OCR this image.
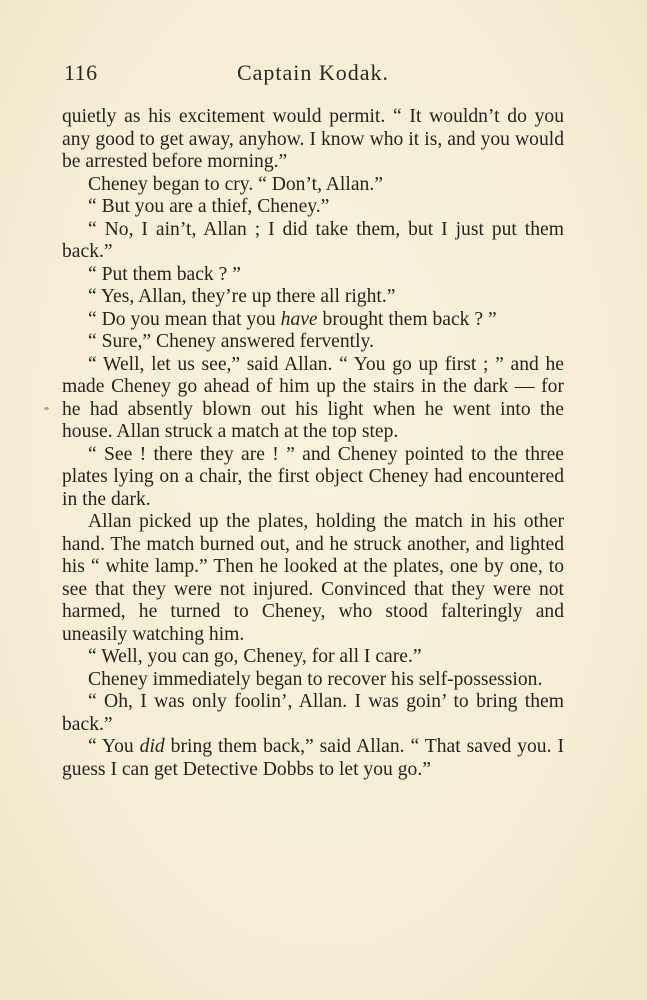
116	Captain Kodak.

quietly as his excitement would permit. “ It wouldn’t do you any good to get away, anyhow. I know who it is, and you would be arrested before morning.”

Cheney began to cry. “ Don’t, Allan.”

“ But you are a thief, Cheney.”

“ No, I ain’t, Allan ; I did take them, but I just put them back.”

“ Put them back ? ”

“ Yes, Allan, they’re up there all right.”

“ Do you mean that you have brought them back ? ”

“ Sure,” Cheney answered fervently.

“ Well, let us see,” said Allan. “ You go up first ; ” and he made Cheney go ahead of him up the stairs in the dark — for he had absently blown out his light when he went into the house. Allan struck a match at the top step.

“ See ! there they are ! ” and Cheney pointed to the three plates lying on a chair, the first object Cheney had encountered in the dark.

Allan picked up the plates, holding the match in his other hand. The match burned out, and he struck another, and lighted his “ white lamp.” Then he looked at the plates, one by one, to see that they were not injured. Convinced that they were not harmed, he turned to Cheney, who stood falteringly and uneasily watching him.

“ Well, you can go, Cheney, for all I care.”

Cheney immediately began to recover his self-possession.

“ Oh, I was only foolin’, Allan. I was goin’ to bring them back.”

“ You did bring them back,” said Allan. “ That saved you. I guess I can get Detective Dobbs to let you go.”
